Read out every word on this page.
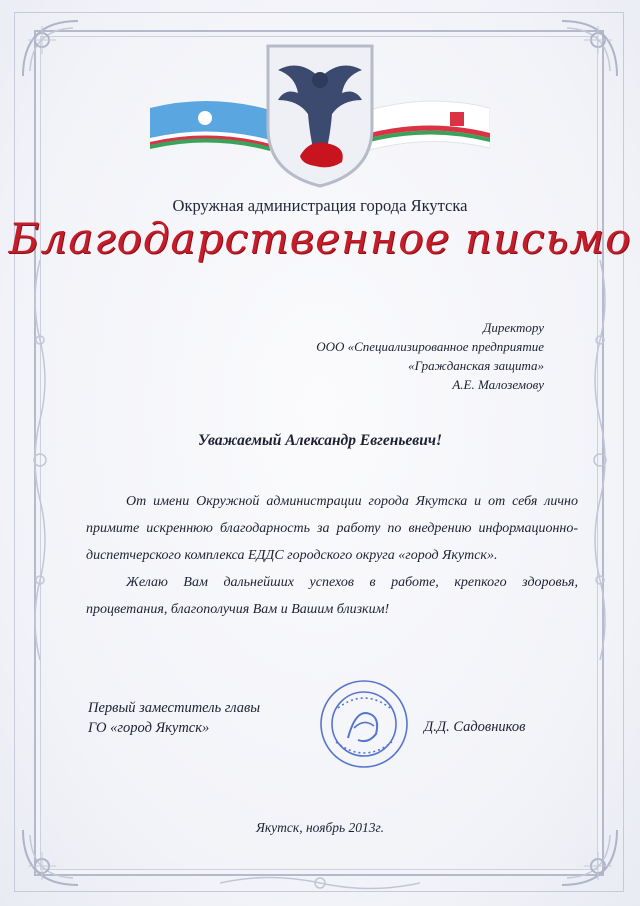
Окружная администрация города Якутска
Благодарственное письмо
Директору
ООО «Специализированное предприятие
«Гражданская защита»
А.Е. Малоземову
Уважаемый Александр Евгеньевич!

От имени Окружной администрации города Якутска и от себя лично примите искреннюю благодарность за работу по внедрению информационно-диспетчерского комплекса ЕДДС городского округа «город Якутск».

Желаю Вам дальнейших успехов в работе, крепкого здоровья, процветания, благополучия Вам и Вашим близким!

Первый заместитель главы
ГО «город Якутск»	Д.Д. Садовников
Якутск, ноябрь 2013г.
